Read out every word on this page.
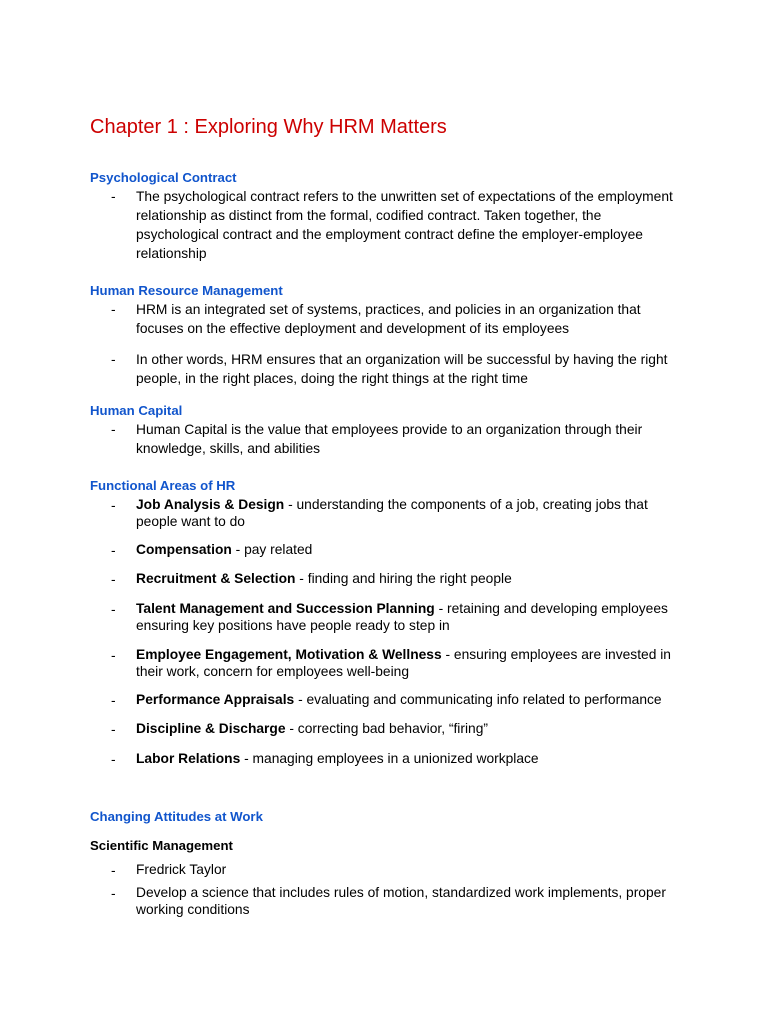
Chapter 1 : Exploring Why HRM Matters
Psychological Contract
- The psychological contract refers to the unwritten set of expectations of the employment relationship as distinct from the formal, codified contract. Taken together, the psychological contract and the employment contract define the employer-employee relationship
Human Resource Management
- HRM is an integrated set of systems, practices, and policies in an organization that focuses on the effective deployment and development of its employees
- In other words, HRM ensures that an organization will be successful by having the right people, in the right places, doing the right things at the right time
Human Capital
- Human Capital is the value that employees provide to an organization through their knowledge, skills, and abilities
Functional Areas of HR
- Job Analysis & Design - understanding the components of a job, creating jobs that people want to do
- Compensation - pay related
- Recruitment & Selection - finding and hiring the right people
- Talent Management and Succession Planning - retaining and developing employees ensuring key positions have people ready to step in
- Employee Engagement, Motivation & Wellness - ensuring employees are invested in their work, concern for employees well-being
- Performance Appraisals - evaluating and communicating info related to performance
- Discipline & Discharge - correcting bad behavior, “firing”
- Labor Relations - managing employees in a unionized workplace
Changing Attitudes at Work
Scientific Management
- Fredrick Taylor
- Develop a science that includes rules of motion, standardized work implements, proper working conditions
